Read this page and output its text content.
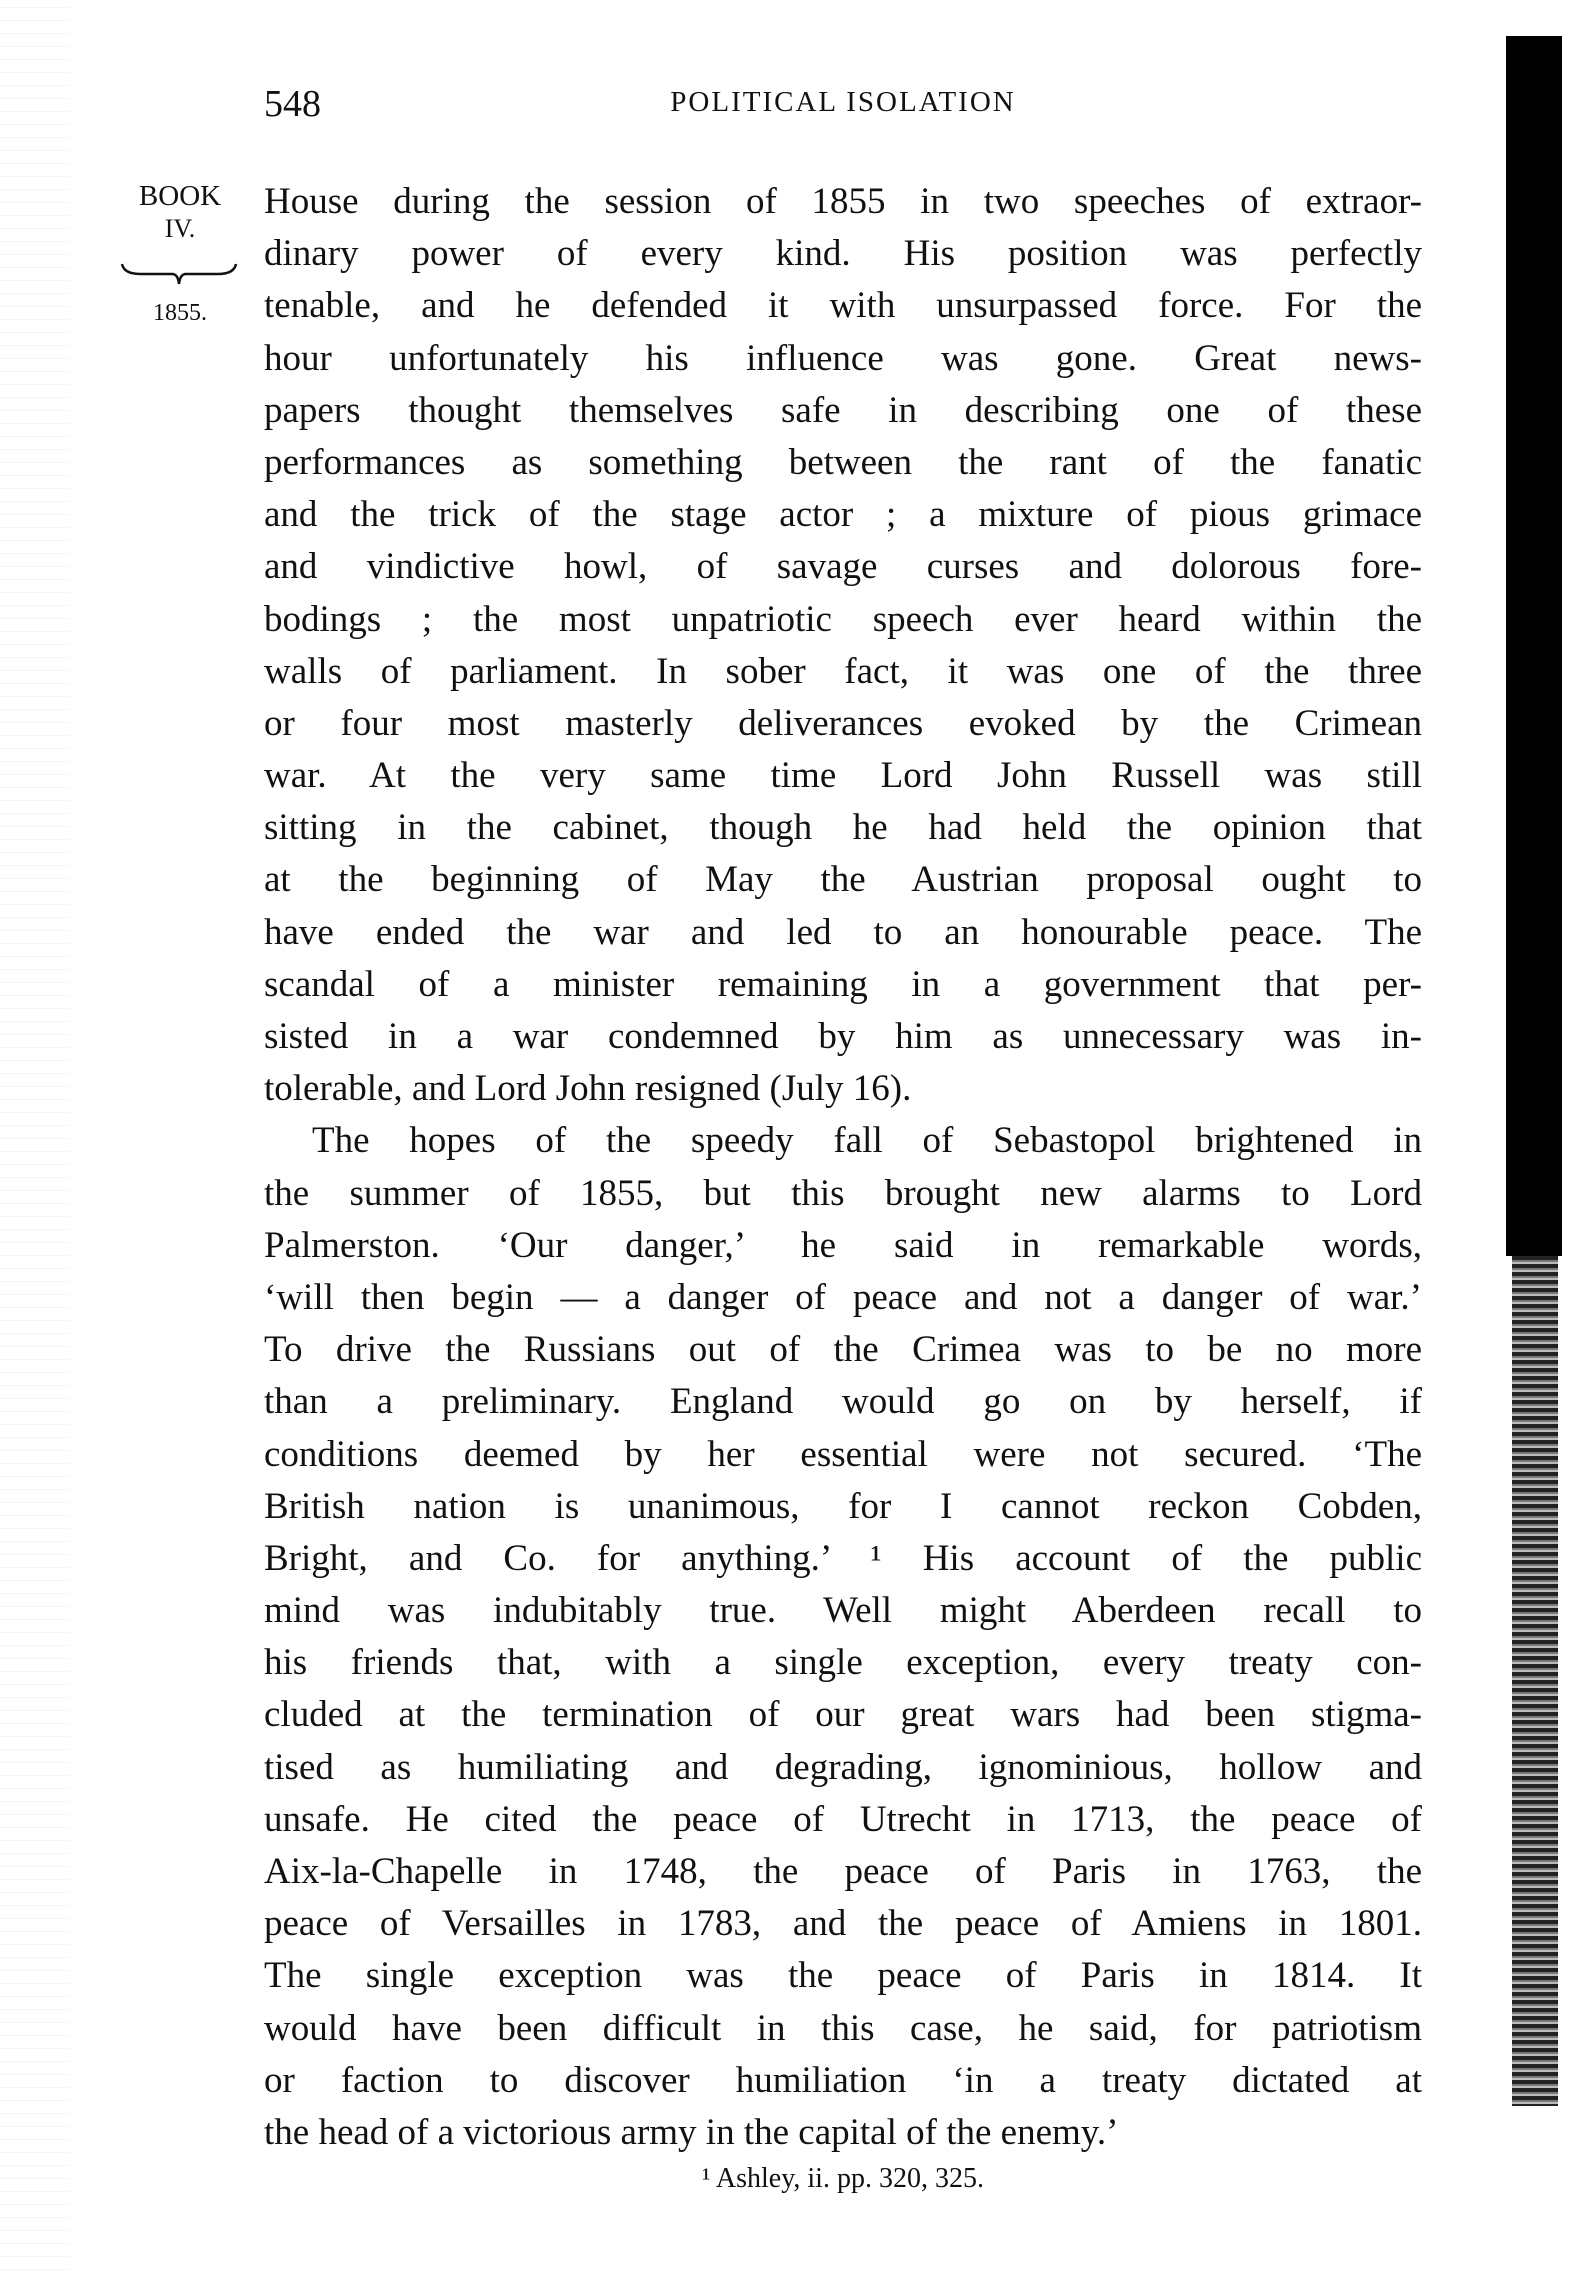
548	POLITICAL ISOLATION
BOOK
IV.
1855.
House during the session of 1855 in two speeches of extraor-
dinary power of every kind. His position was perfectly
tenable, and he defended it with unsurpassed force. For the
hour unfortunately his influence was gone. Great news-
papers thought themselves safe in describing one of these
performances as something between the rant of the fanatic
and the trick of the stage actor ; a mixture of pious grimace
and vindictive howl, of savage curses and dolorous fore-
bodings ; the most unpatriotic speech ever heard within the
walls of parliament. In sober fact, it was one of the three
or four most masterly deliverances evoked by the Crimean
war. At the very same time Lord John Russell was still
sitting in the cabinet, though he had held the opinion that
at the beginning of May the Austrian proposal ought to
have ended the war and led to an honourable peace. The
scandal of a minister remaining in a government that per-
sisted in a war condemned by him as unnecessary was in-
tolerable, and Lord John resigned (July 16).
The hopes of the speedy fall of Sebastopol brightened in
the summer of 1855, but this brought new alarms to Lord
Palmerston. ‘Our danger,’ he said in remarkable words,
‘will then begin — a danger of peace and not a danger of war.’
To drive the Russians out of the Crimea was to be no more
than a preliminary. England would go on by herself, if
conditions deemed by her essential were not secured. ‘The
British nation is unanimous, for I cannot reckon Cobden,
Bright, and Co. for anything.’ ¹ His account of the public
mind was indubitably true. Well might Aberdeen recall to
his friends that, with a single exception, every treaty con-
cluded at the termination of our great wars had been stigma-
tised as humiliating and degrading, ignominious, hollow and
unsafe. He cited the peace of Utrecht in 1713, the peace of
Aix-la-Chapelle in 1748, the peace of Paris in 1763, the
peace of Versailles in 1783, and the peace of Amiens in 1801.
The single exception was the peace of Paris in 1814. It
would have been difficult in this case, he said, for patriotism
or faction to discover humiliation ‘in a treaty dictated at
the head of a victorious army in the capital of the enemy.’
¹ Ashley, ii. pp. 320, 325.
